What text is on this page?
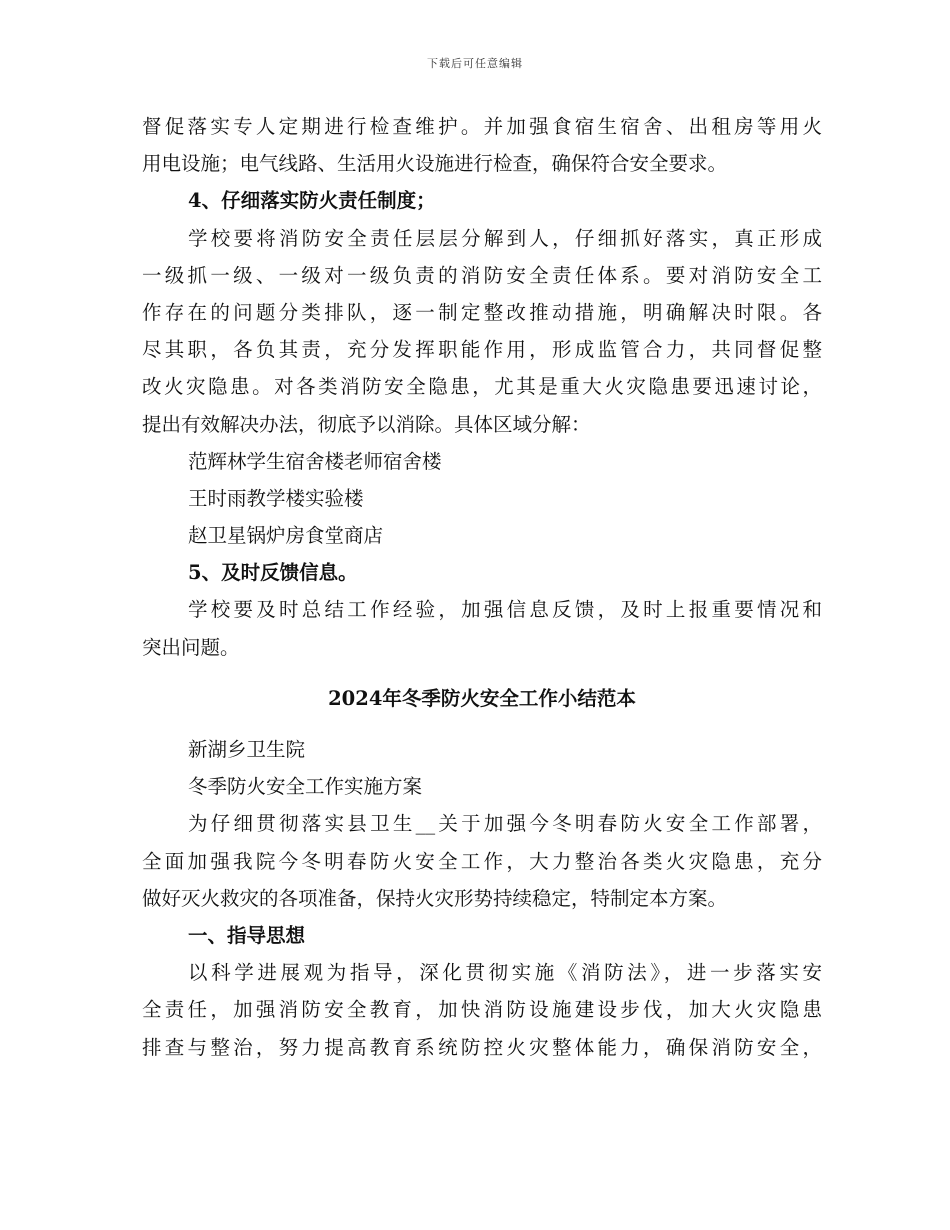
下载后可任意编辑
督促落实专人定期进行检查维护。并加强食宿生宿舍、出租房等用火
用电设施；电气线路、生活用火设施进行检查，确保符合安全要求。
4、仔细落实防火责任制度；
学校要将消防安全责任层层分解到人，仔细抓好落实，真正形成
一级抓一级、一级对一级负责的消防安全责任体系。要对消防安全工
作存在的问题分类排队，逐一制定整改推动措施，明确解决时限。各
尽其职，各负其责，充分发挥职能作用，形成监管合力，共同督促整
改火灾隐患。对各类消防安全隐患，尤其是重大火灾隐患要迅速讨论，
提出有效解决办法，彻底予以消除。具体区域分解：
范辉林学生宿舍楼老师宿舍楼
王时雨教学楼实验楼
赵卫星锅炉房食堂商店
5、及时反馈信息。
学校要及时总结工作经验，加强信息反馈，及时上报重要情况和
突出问题。
2024年冬季防火安全工作小结范本
新湖乡卫生院
冬季防火安全工作实施方案
为仔细贯彻落实县卫生__关于加强今冬明春防火安全工作部署，
全面加强我院今冬明春防火安全工作，大力整治各类火灾隐患，充分
做好灭火救灾的各项准备，保持火灾形势持续稳定，特制定本方案。
一、指导思想
以科学进展观为指导，深化贯彻实施《消防法》，进一步落实安
全责任，加强消防安全教育，加快消防设施建设步伐，加大火灾隐患
排查与整治，努力提高教育系统防控火灾整体能力，确保消防安全，
